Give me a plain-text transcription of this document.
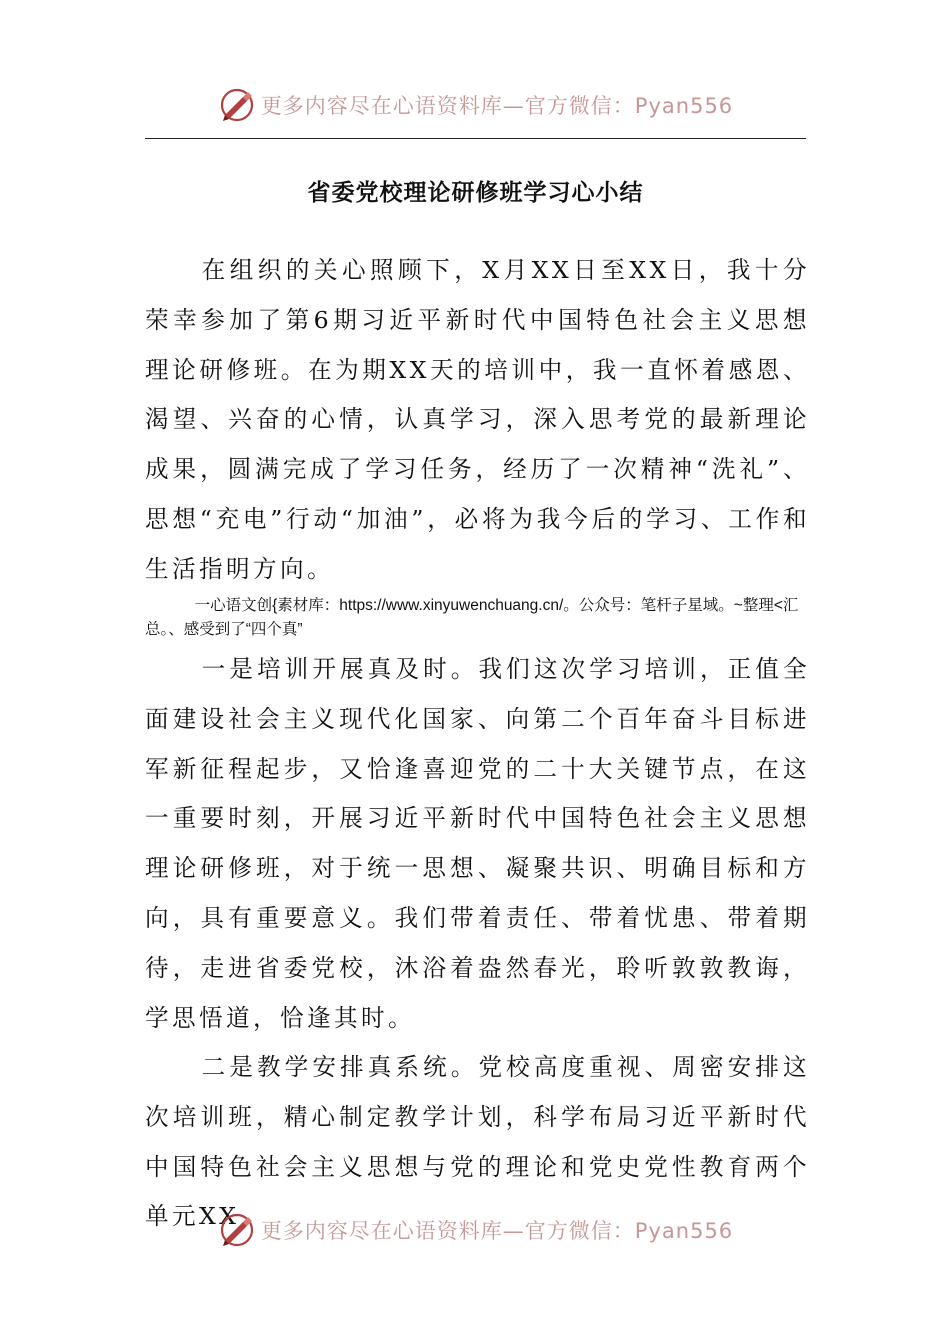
更多内容尽在心语资料库—官方微信：Pyan556
省委党校理论研修班学习心小结

在组织的关心照顾下，X月XX日至XX日，我十分荣幸参加了第6期习近平新时代中国特色社会主义思想理论研修班。在为期XX天的培训中，我一直怀着感恩、渴望、兴奋的心情，认真学习，深入思考党的最新理论成果，圆满完成了学习任务，经历了一次精神“洗礼”、思想“充电”行动“加油”，必将为我今后的学习、工作和生活指明方向。

一心语文创{素材库：https://www.xinyuwenchuang.cn/。公众号：笔杆子星域。~整理<汇总。、感受到了“四个真”

一是培训开展真及时。我们这次学习培训，正值全面建设社会主义现代化国家、向第二个百年奋斗目标进军新征程起步，又恰逢喜迎党的二十大关键节点，在这一重要时刻，开展习近平新时代中国特色社会主义思想理论研修班，对于统一思想、凝聚共识、明确目标和方向，具有重要意义。我们带着责任、带着忧患、带着期待，走进省委党校，沐浴着盎然春光，聆听敦敦教诲，学思悟道，恰逢其时。

二是教学安排真系统。党校高度重视、周密安排这次培训班，精心制定教学计划，科学布局习近平新时代中国特色社会主义思想与党的理论和党史党性教育两个单元XX

更多内容尽在心语资料库—官方微信：Pyan556
